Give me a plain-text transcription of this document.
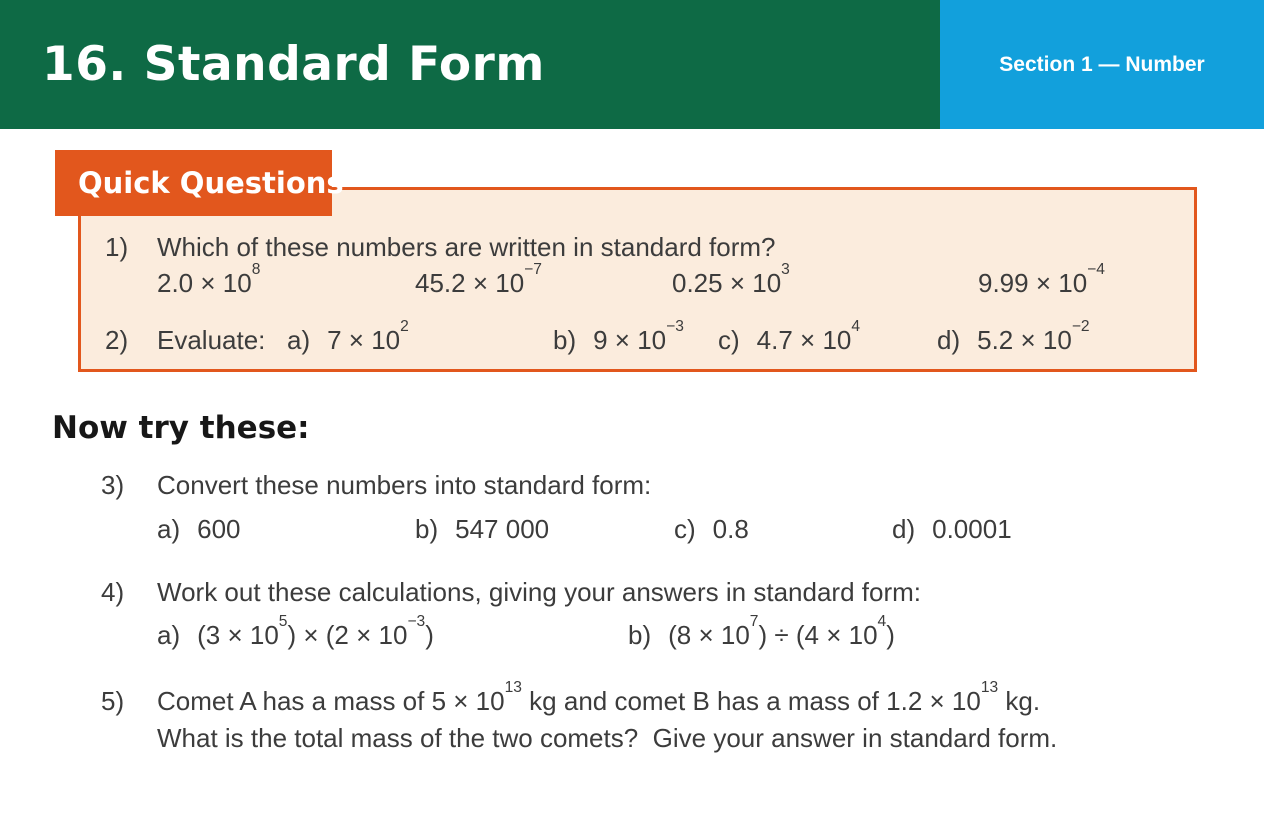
16. Standard Form	Section 1 — Number
Quick Questions
1)	Which of these numbers are written in standard form?
$2.0 \times 10^8$	$45.2 \times 10^{-7}$	$0.25 \times 10^3$	$9.99 \times 10^{-4}$
2)	Evaluate: a) $7 \times 10^2$	b) $9 \times 10^{-3}$ c) $4.7 \times 10^4$	d) $5.2 \times 10^{-2}$
Now try these:
3)	Convert these numbers into standard form:
a) 600	b) 547 000	c) 0.8	d) 0.0001
4)	Work out these calculations, giving your answers in standard form:
a) $(3 \times 10^5) \times (2 \times 10^{-3})$	b) $(8 \times 10^7) \div (4 \times 10^4)$
5)	Comet A has a mass of $5 \times 10^{13}$ kg and comet B has a mass of $1.2 \times 10^{13}$ kg.
What is the total mass of the two comets?  Give your answer in standard form.
